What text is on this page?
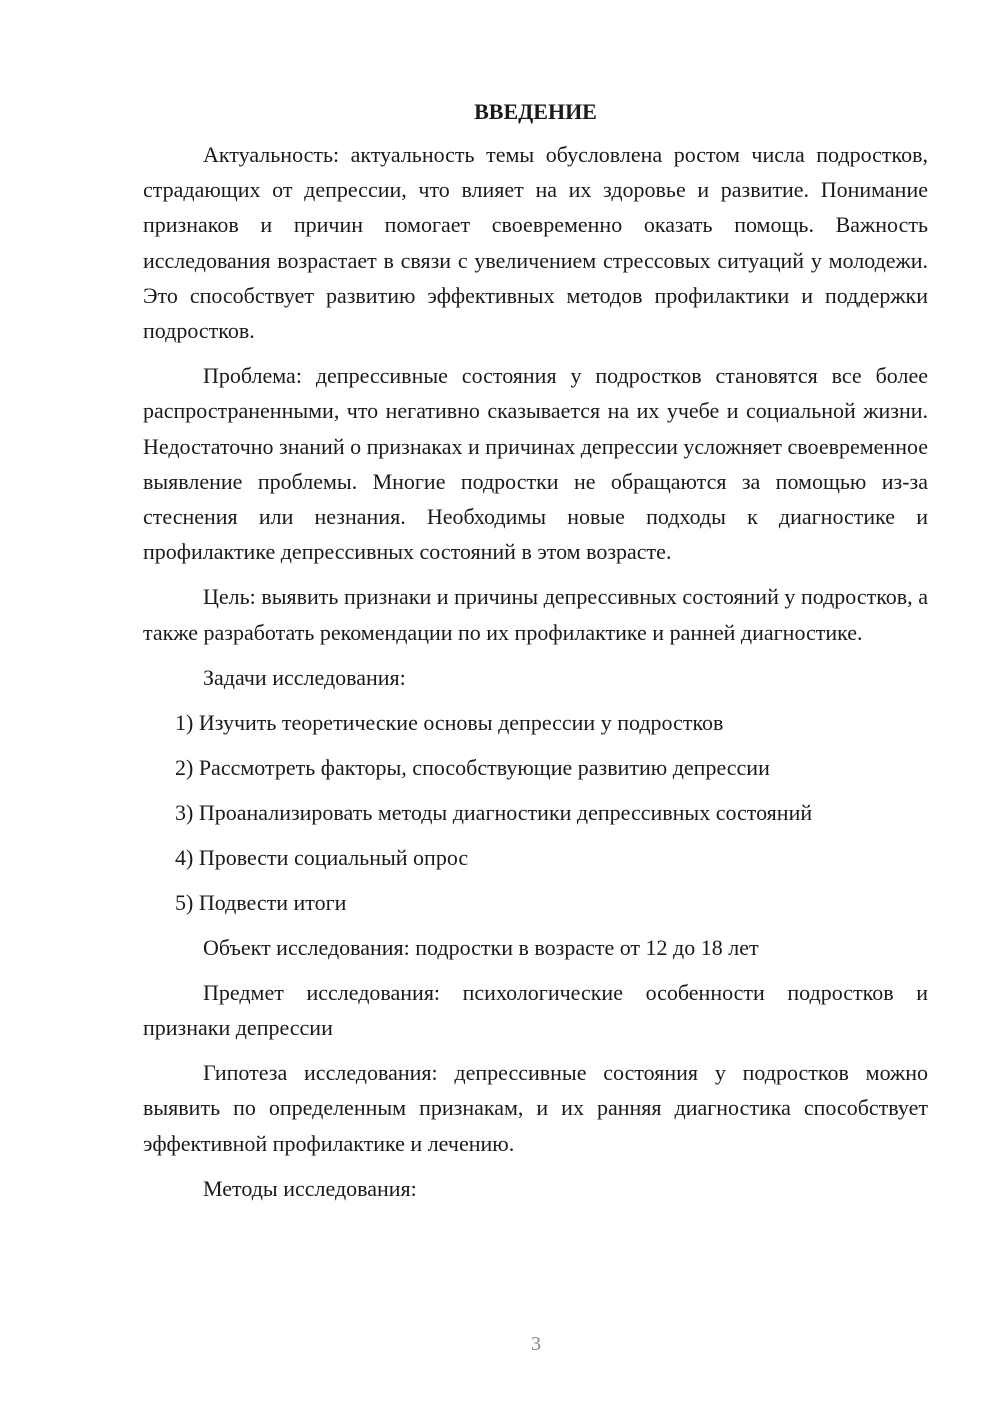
ВВЕДЕНИЕ

Актуальность: актуальность темы обусловлена ростом числа подростков, страдающих от депрессии, что влияет на их здоровье и развитие. Понимание признаков и причин помогает своевременно оказать помощь. Важность исследования возрастает в связи с увеличением стрессовых ситуаций у молодежи. Это способствует развитию эффективных методов профилактики и поддержки подростков.

Проблема: депрессивные состояния у подростков становятся все более распространенными, что негативно сказывается на их учебе и социальной жизни. Недостаточно знаний о признаках и причинах депрессии усложняет своевременное выявление проблемы. Многие подростки не обращаются за помощью из-за стеснения или незнания. Необходимы новые подходы к диагностике и профилактике депрессивных состояний в этом возрасте.

Цель: выявить признаки и причины депрессивных состояний у подростков, а также разработать рекомендации по их профилактике и ранней диагностике.

Задачи исследования:

1) Изучить теоретические основы депрессии у подростков

2) Рассмотреть факторы, способствующие развитию депрессии

3) Проанализировать методы диагностики депрессивных состояний

4) Провести социальный опрос

5) Подвести итоги

Объект исследования: подростки в возрасте от 12 до 18 лет

Предмет исследования: психологические особенности подростков и признаки депрессии

Гипотеза исследования: депрессивные состояния у подростков можно выявить по определенным признакам, и их ранняя диагностика способствует эффективной профилактике и лечению.

Методы исследования:

3
